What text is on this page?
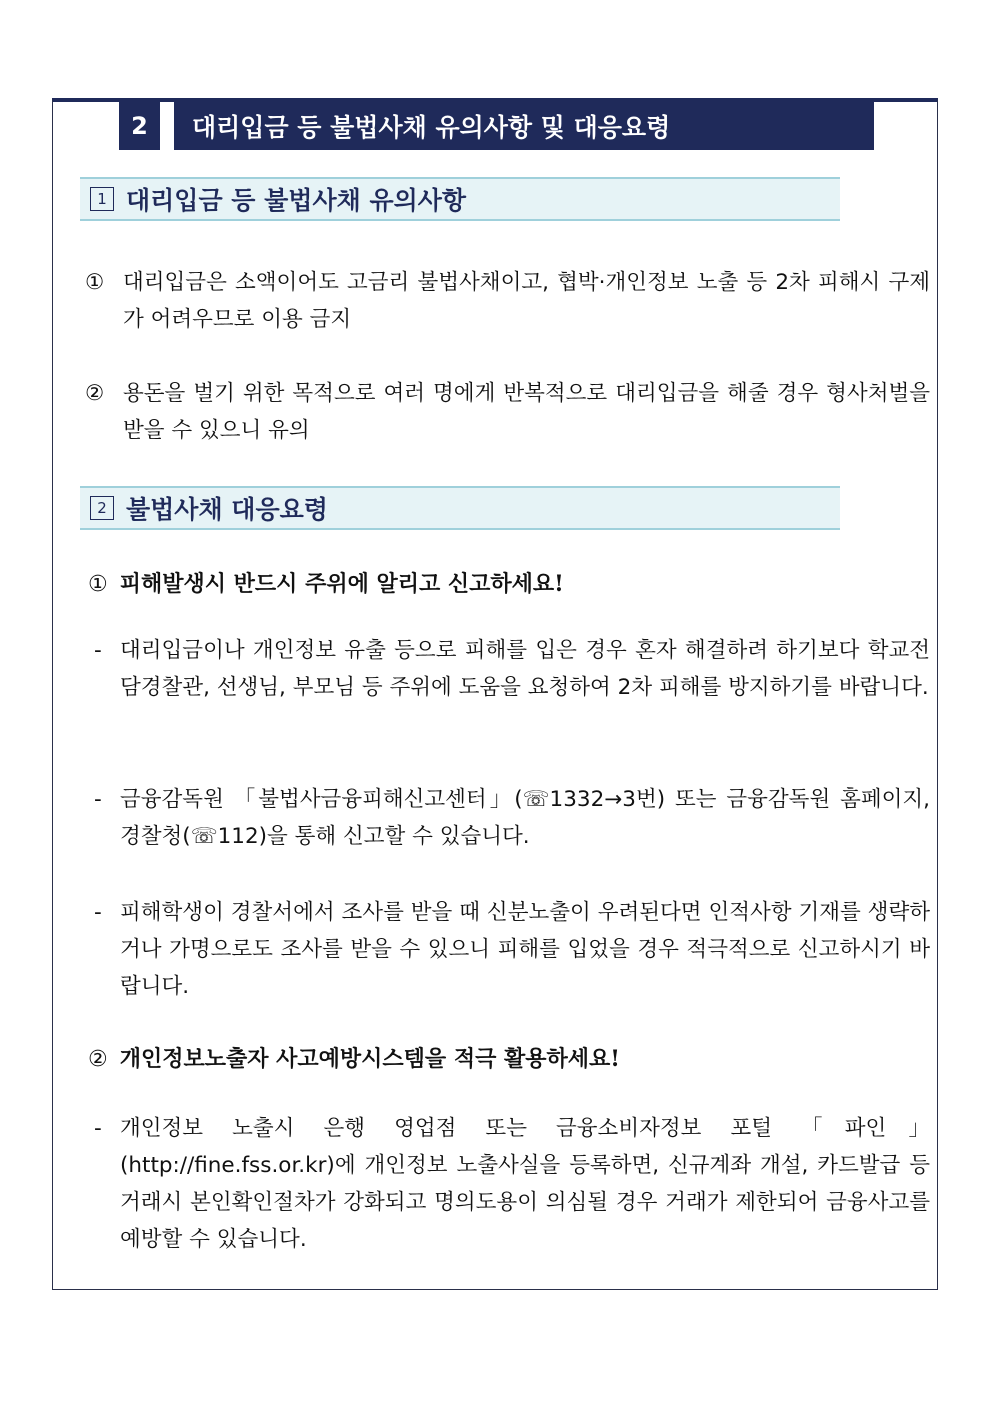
2	대리입금 등 불법사채 유의사항 및 대응요령
1 대리입금 등 불법사채 유의사항
① 대리입금은 소액이어도 고금리 불법사채이고, 협박·개인정보 노출 등 2차 피해시 구제가 어려우므로 이용 금지
② 용돈을 벌기 위한 목적으로 여러 명에게 반복적으로 대리입금을 해줄 경우 형사처벌을 받을 수 있으니 유의
2 불법사채 대응요령
① 피해발생시 반드시 주위에 알리고 신고하세요!
- 대리입금이나 개인정보 유출 등으로 피해를 입은 경우 혼자 해결하려 하기보다 학교전담경찰관, 선생님, 부모님 등 주위에 도움을 요청하여 2차 피해를 방지하기를 바랍니다.
- 금융감독원 「불법사금융피해신고센터」(☏1332→3번) 또는 금융감독원 홈페이지, 경찰청(☏112)을 통해 신고할 수 있습니다.
- 피해학생이 경찰서에서 조사를 받을 때 신분노출이 우려된다면 인적사항 기재를 생략하거나 가명으로도 조사를 받을 수 있으니 피해를 입었을 경우 적극적으로 신고하시기 바랍니다.
② 개인정보노출자 사고예방시스템을 적극 활용하세요!
- 개인정보 노출시 은행 영업점 또는 금융소비자정보 포털 「파인」(http://fine.fss.or.kr)에 개인정보 노출사실을 등록하면, 신규계좌 개설, 카드발급 등 거래시 본인확인절차가 강화되고 명의도용이 의심될 경우 거래가 제한되어 금융사고를 예방할 수 있습니다.
